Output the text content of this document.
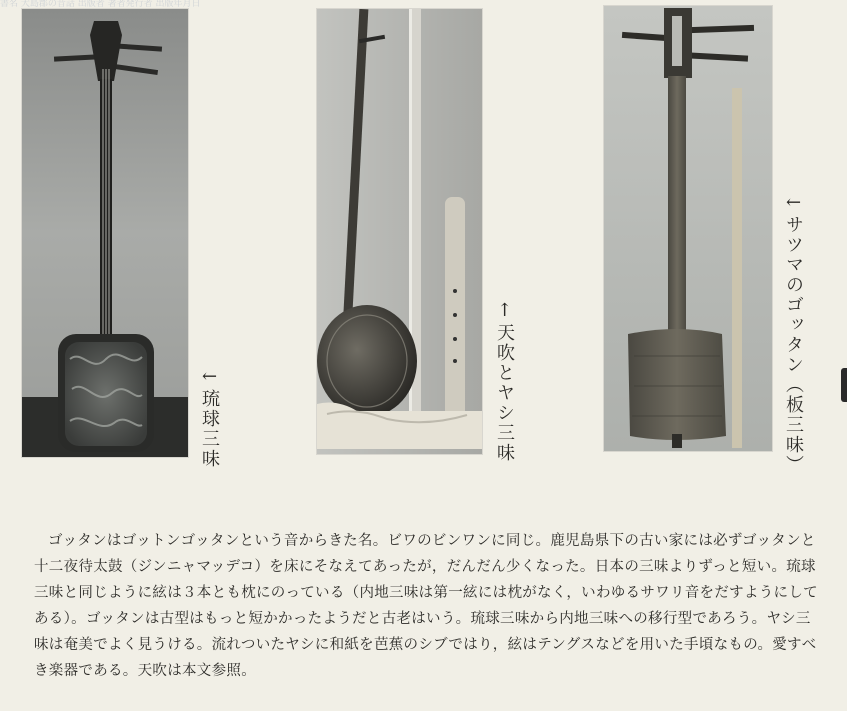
書名 大島郡の昔話 出版者 著者発行者 出版年月日
←琉球三味	↑天吹とヤシ三味	←サツマのゴッタン（板三味）

ゴッタンはゴットンゴッタンという音からきた名。ビワのビンワンに同じ。鹿児島県下の古い家には必ずゴッタンと十二夜待太鼓（ジンニャマッデコ）を床にそなえてあったが，だんだん少くなった。日本の三味よりずっと短い。琉球三味と同じように絃は３本とも枕にのっている（内地三味は第一絃には枕がなく，いわゆるサワリ音をだすようにしてある）。ゴッタンは古型はもっと短かかったようだと古老はいう。琉球三味から内地三味への移行型であろう。ヤシ三味は奄美でよく見うける。流れついたヤシに和紙を芭蕉のシブではり，絃はテングスなどを用いた手頃なもの。愛すべき楽器である。天吹は本文参照。
